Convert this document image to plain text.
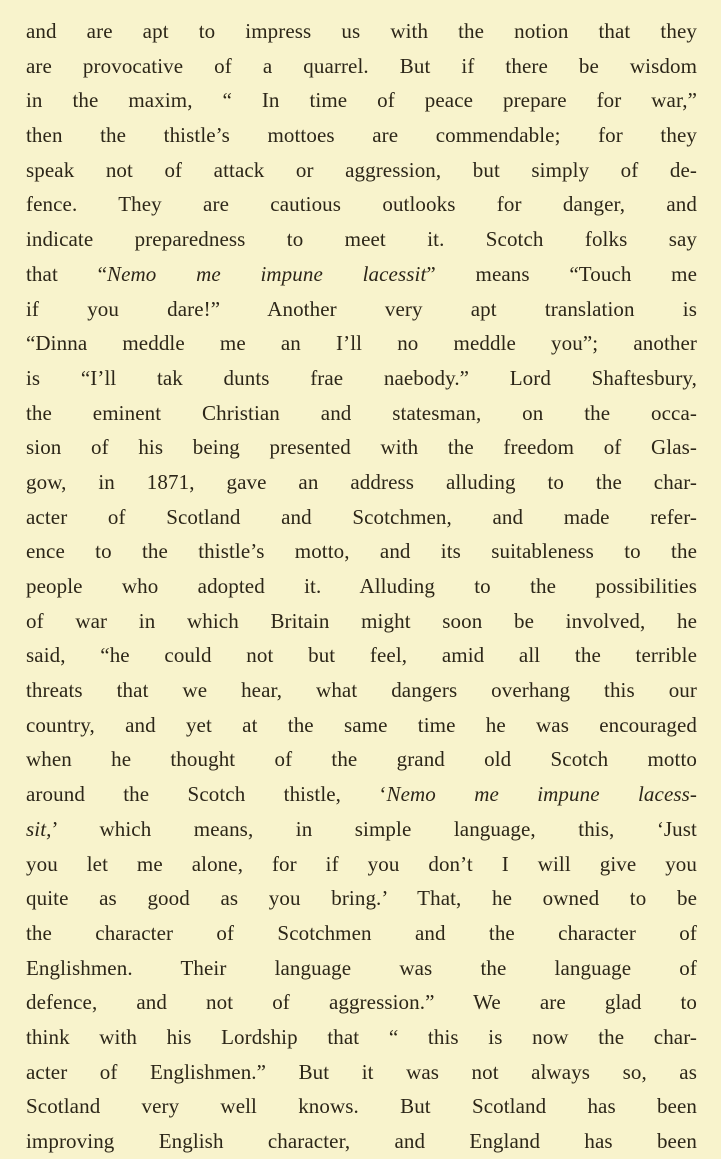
and are apt to impress us with the notion that they
are provocative of a quarrel. But if there be wisdom
in the maxim, “ In time of peace prepare for war,”
then the thistle’s mottoes are commendable; for they
speak not of attack or aggression, but simply of de-
fence. They are cautious outlooks for danger, and
indicate preparedness to meet it. Scotch folks say
that “Nemo me impune lacessit” means “Touch me
if you dare!” Another very apt translation is
“Dinna meddle me an I’ll no meddle you”; another
is “I’ll tak dunts frae naebody.” Lord Shaftesbury,
the eminent Christian and statesman, on the occa-
sion of his being presented with the freedom of Glas-
gow, in 1871, gave an address alluding to the char-
acter of Scotland and Scotchmen, and made refer-
ence to the thistle’s motto, and its suitableness to the
people who adopted it. Alluding to the possibilities
of war in which Britain might soon be involved, he
said, “he could not but feel, amid all the terrible
threats that we hear, what dangers overhang this our
country, and yet at the same time he was encouraged
when he thought of the grand old Scotch motto
around the Scotch thistle, ‘Nemo me impune lacess-
sit,’ which means, in simple language, this, ‘Just
you let me alone, for if you don’t I will give you
quite as good as you bring.’ That, he owned to be
the character of Scotchmen and the character of
Englishmen. Their language was the language of
defence, and not of aggression.” We are glad to
think with his Lordship that “ this is now the char-
acter of Englishmen.” But it was not always so, as
Scotland very well knows. But Scotland has been
improving English character, and England has been
